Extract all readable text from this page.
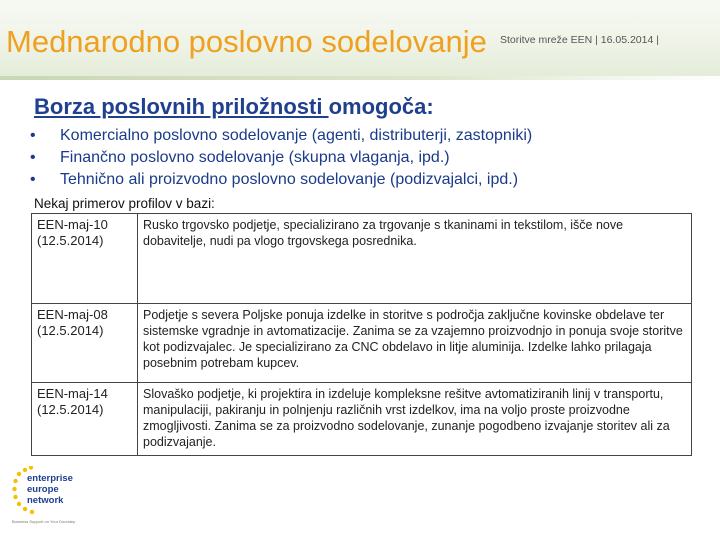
Mednarodno poslovno sodelovanje Storitve mreže EEN | 16.05.2014 |
Borza poslovnih priložnosti omogoča:
• Komercialno poslovno sodelovanje (agenti, distributerji, zastopniki)
• Finančno poslovno sodelovanje (skupna vlaganja, ipd.)
• Tehnično ali proizvodno poslovno sodelovanje (podizvajalci, ipd.)
Nekaj primerov profilov v bazi:
EEN-maj-10 (12.5.2014)	Rusko trgovsko podjetje, specializirano za trgovanje s tkaninami in tekstilom, išče nove dobavitelje, nudi pa vlogo trgovskega posrednika.
EEN-maj-08 (12.5.2014)	Podjetje s severa Poljske ponuja izdelke in storitve s področja zaključne kovinske obdelave ter sistemske vgradnje in avtomatizacije. Zanima se za vzajemno proizvodnjo in ponuja svoje storitve kot podizvajalec. Je specializirano za CNC obdelavo in litje aluminija. Izdelke lahko prilagaja posebnim potrebam kupcev.
EEN-maj-14 (12.5.2014)	Slovaško podjetje, ki projektira in izdeluje kompleksne rešitve avtomatiziranih linij v transportu, manipulaciji, pakiranju in polnjenju različnih vrst izdelkov, ima na voljo proste proizvodne zmogljivosti. Zanima se za proizvodno sodelovanje, zunanje pogodbeno izvajanje storitev ali za podizvajanje.
enterprise
europe
network
Business Support on Your Doorstep
